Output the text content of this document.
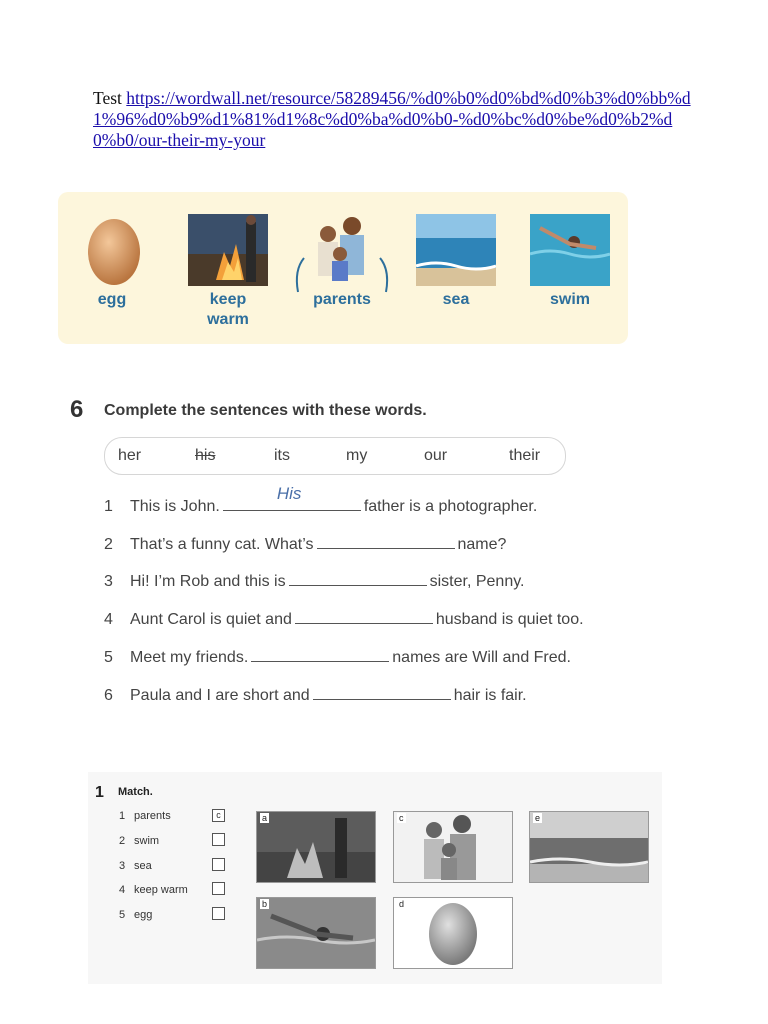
Test https://wordwall.net/resource/58289456/%d0%b0%d0%bd%d0%b3%d0%bb%d1%96%d0%b9%d1%81%d1%8c%d0%ba%d0%b0-%d0%bc%d0%be%d0%b2%d0%b0/our-their-my-your
egg	keep warm
parents	sea	swim
6 Complete the sentences with these words.
her	his	its	my	our	their
1 This is John.
His
father is a photographer.
2 That’s a funny cat. What’s	name?
3 Hi! I’m Rob and this is	sister, Penny.
4 Aunt Carol is quiet and	husband is quiet too.
5 Meet my friends.	names are Will and Fred.
6 Paula and I are short and	hair is fair.
1 Match.
1 parents	c
2 swim
3 sea
4 keep warm
5 egg
a	c	e
b	d
